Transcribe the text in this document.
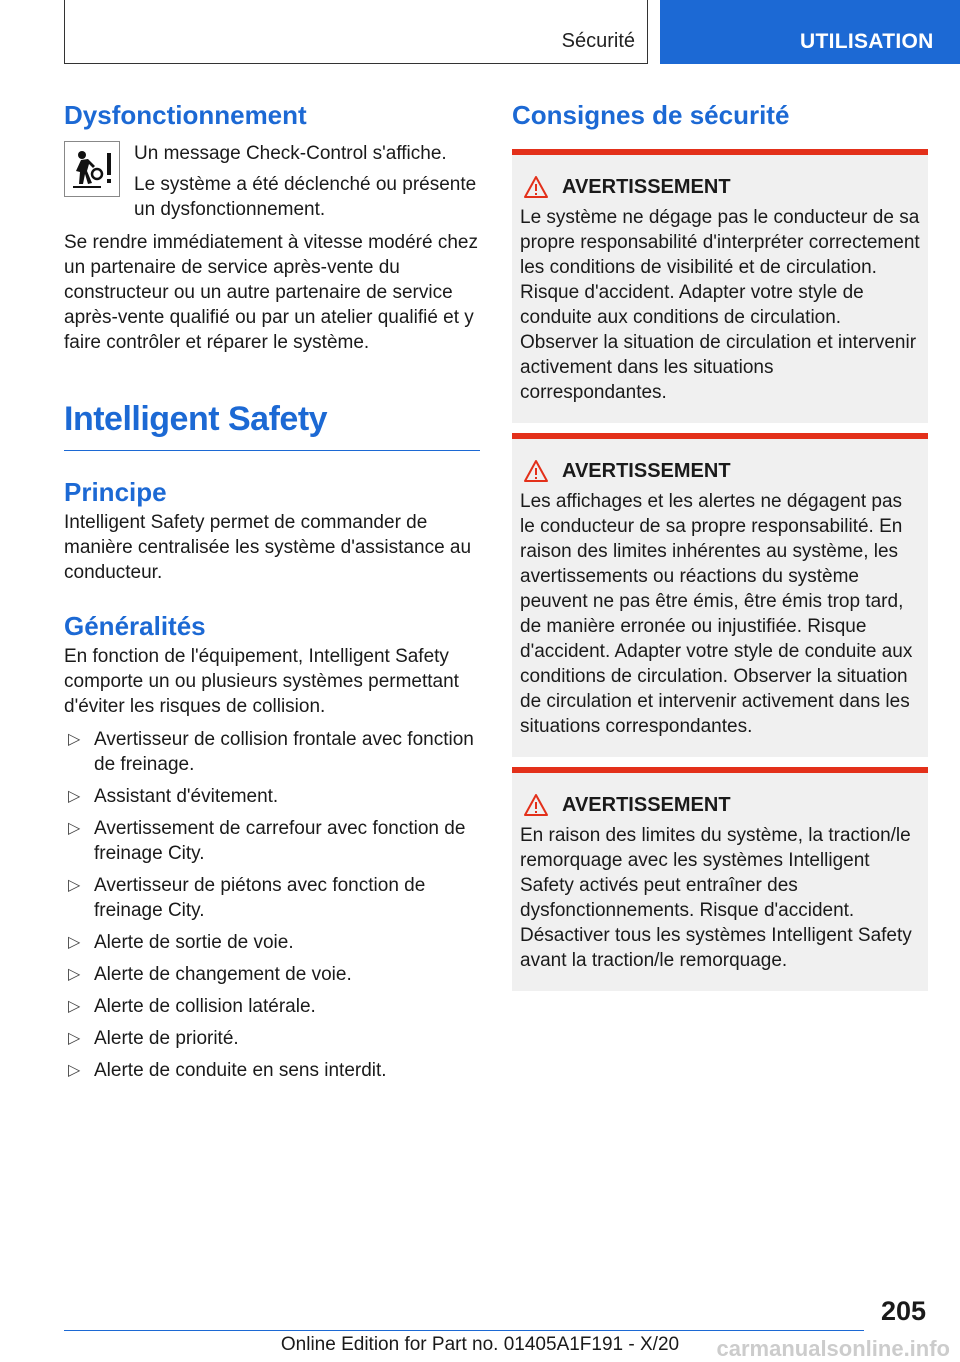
Sécurité	UTILISATION
Dysfonctionnement

Un message Check-Control s'affiche.

Le système a été déclenché ou présente un dysfonctionnement.

Se rendre immédiatement à vitesse modéré chez un partenaire de service après-vente du constructeur ou un autre partenaire de service après-vente qualifié ou par un atelier qualifié et y faire contrôler et réparer le système.

Intelligent Safety
Principe

Intelligent Safety permet de commander de manière centralisée les système d'assistance au conducteur.

Généralités

En fonction de l'équipement, Intelligent Safety comporte un ou plusieurs systèmes permettant d'éviter les risques de collision.

▷ Avertisseur de collision frontale avec fonction de freinage.
▷ Assistant d'évitement.
▷ Avertissement de carrefour avec fonction de freinage City.
▷ Avertisseur de piétons avec fonction de freinage City.
▷ Alerte de sortie de voie.
▷ Alerte de changement de voie.
▷ Alerte de collision latérale.
▷ Alerte de priorité.
▷ Alerte de conduite en sens interdit.
Consignes de sécurité
AVERTISSEMENT

Le système ne dégage pas le conducteur de sa propre responsabilité d'interpréter correctement les conditions de visibilité et de circulation. Risque d'accident. Adapter votre style de conduite aux conditions de circulation. Observer la situation de circulation et intervenir activement dans les situations correspondantes.

AVERTISSEMENT

Les affichages et les alertes ne dégagent pas le conducteur de sa propre responsabilité. En raison des limites inhérentes au système, les avertissements ou réactions du système peuvent ne pas être émis, être émis trop tard, de manière erronée ou injustifiée. Risque d'accident. Adapter votre style de conduite aux conditions de circulation. Observer la situation de circulation et intervenir activement dans les situations correspondantes.

AVERTISSEMENT

En raison des limites du système, la traction/le remorquage avec les systèmes Intelligent Safety activés peut entraîner des dysfonctionnements. Risque d'accident. Désactiver tous les systèmes Intelligent Safety avant la traction/le remorquage.

205
Online Edition for Part no. 01405A1F191 - X/20	carmanualsonline.info
